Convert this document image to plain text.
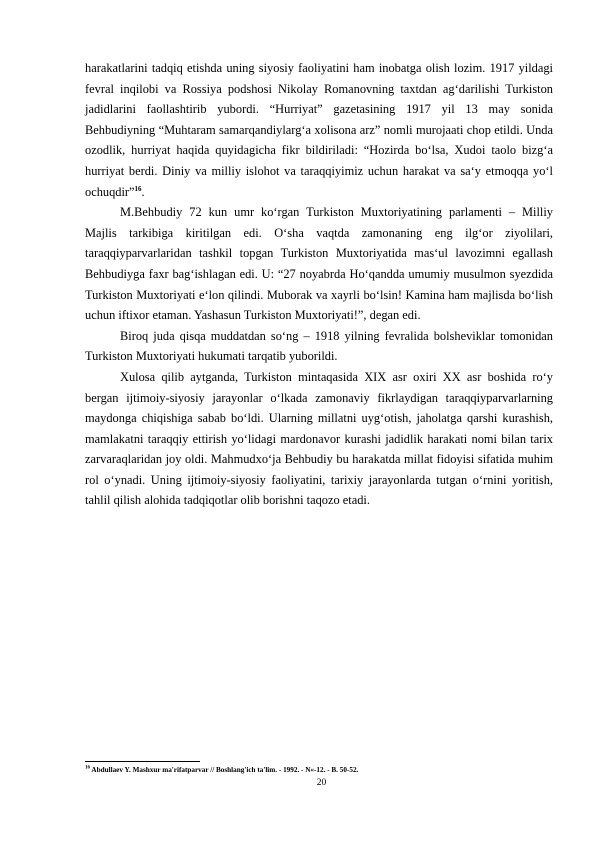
harakatlarini tadqiq etishda uning siyosiy faoliyatini ham inobatga olish lozim. 1917 yildagi fevral inqilobi va Rossiya podshosi Nikolay Romanovning taxtdan agʻdarilishi Turkiston jadidlarini faollashtirib yubordi. “Hurriyat” gazetasining 1917 yil 13 may sonida Behbudiyning “Muhtaram samarqandiylargʻa xolisona arz” nomli murojaati chop etildi. Unda ozodlik, hurriyat haqida quyidagicha fikr bildiriladi: “Hozirda boʻlsa, Xudoi taolo bizgʻa hurriyat berdi. Diniy va milliy islohot va taraqqiyimiz uchun harakat va saʻy etmoqqa yoʻl ochuqdir”$^{16}$.

M.Behbudiy 72 kun umr koʻrgan Turkiston Muxtoriyatining parlamenti – Milliy Majlis tarkibiga kiritilgan edi. Oʻsha vaqtda zamonaning eng ilgʻor ziyolilari, taraqqiyparvarlaridan tashkil topgan Turkiston Muxtoriyatida masʻul lavozimni egallash Behbudiyga faxr bagʻishlagan edi. U: “27 noyabrda Hoʻqandda umumiy musulmon syezdida Turkiston Muxtoriyati eʻlon qilindi. Muborak va xayrli boʻlsin! Kamina ham majlisda boʻlish uchun iftixor etaman. Yashasun Turkiston Muxtoriyati!”, degan edi.

Biroq juda qisqa muddatdan soʻng – 1918 yilning fevralida bolsheviklar tomonidan Turkiston Muxtoriyati hukumati tarqatib yuborildi.

Xulosa qilib aytganda, Turkiston mintaqasida XIX asr oxiri XX asr boshida roʻy bergan ijtimoiy-siyosiy jarayonlar oʻlkada zamonaviy fikrlaydigan taraqqiyparvarlarning maydonga chiqishiga sabab boʻldi. Ularning millatni uygʻotish, jaholatga qarshi kurashish, mamlakatni taraqqiy ettirish yoʻlidagi mardonavor kurashi jadidlik harakati nomi bilan tarix zarvaraqlaridan joy oldi. Mahmudxoʻja Behbudiy bu harakatda millat fidoyisi sifatida muhim rol oʻynadi. Uning ijtimoiy-siyosiy faoliyatini, tarixiy jarayonlarda tutgan oʻrnini yoritish, tahlil qilish alohida tadqiqotlar olib borishni taqozo etadi.

$^{16}$ Abdullaev Y. Mashxur ma'rifatparvar // Boshlang'ich ta'lim. - 1992. - N«-12. - B. 50-52.
20
